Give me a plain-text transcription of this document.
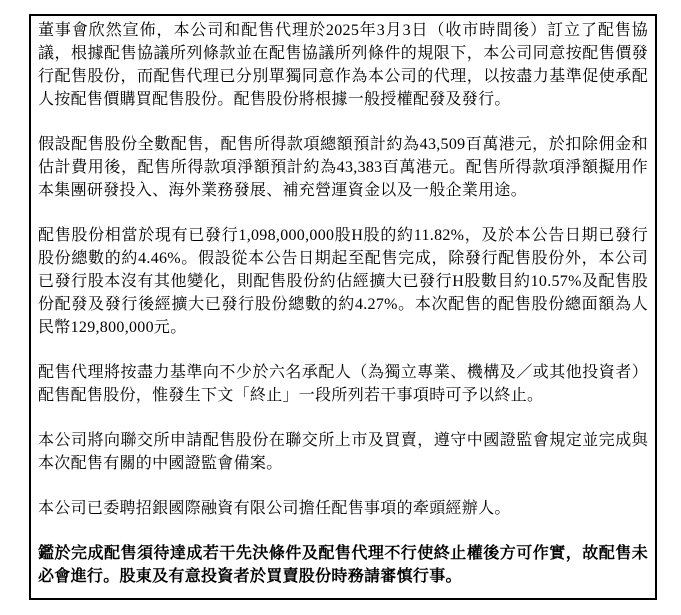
董事會欣然宣佈，本公司和配售代理於2025年3月3日（收市時間後）訂立了配售協議，根據配售協議所列條款並在配售協議所列條件的規限下，本公司同意按配售價發行配售股份，而配售代理已分別單獨同意作為本公司的代理，以按盡力基準促使承配人按配售價購買配售股份。配售股份將根據一般授權配發及發行。

假設配售股份全數配售，配售所得款項總額預計約為43,509百萬港元，於扣除佣金和估計費用後，配售所得款項淨額預計約為43,383百萬港元。配售所得款項淨額擬用作本集團研發投入、海外業務發展、補充營運資金以及一般企業用途。

配售股份相當於現有已發行1,098,000,000股H股的約11.82%，及於本公告日期已發行股份總數的約4.46%。假設從本公告日期起至配售完成，除發行配售股份外，本公司已發行股本沒有其他變化，則配售股份約佔經擴大已發行H股數目約10.57%及配售股份配發及發行後經擴大已發行股份總數的約4.27%。本次配售的配售股份總面額為人民幣129,800,000元。

配售代理將按盡力基準向不少於六名承配人（為獨立專業、機構及／或其他投資者）配售配售股份，惟發生下文「終止」一段所列若干事項時可予以終止。

本公司將向聯交所申請配售股份在聯交所上市及買賣，遵守中國證監會規定並完成與本次配售有關的中國證監會備案。

本公司已委聘招銀國際融資有限公司擔任配售事項的牽頭經辦人。

鑑於完成配售須待達成若干先決條件及配售代理不行使終止權後方可作實，故配售未必會進行。股東及有意投資者於買賣股份時務請審慎行事。
